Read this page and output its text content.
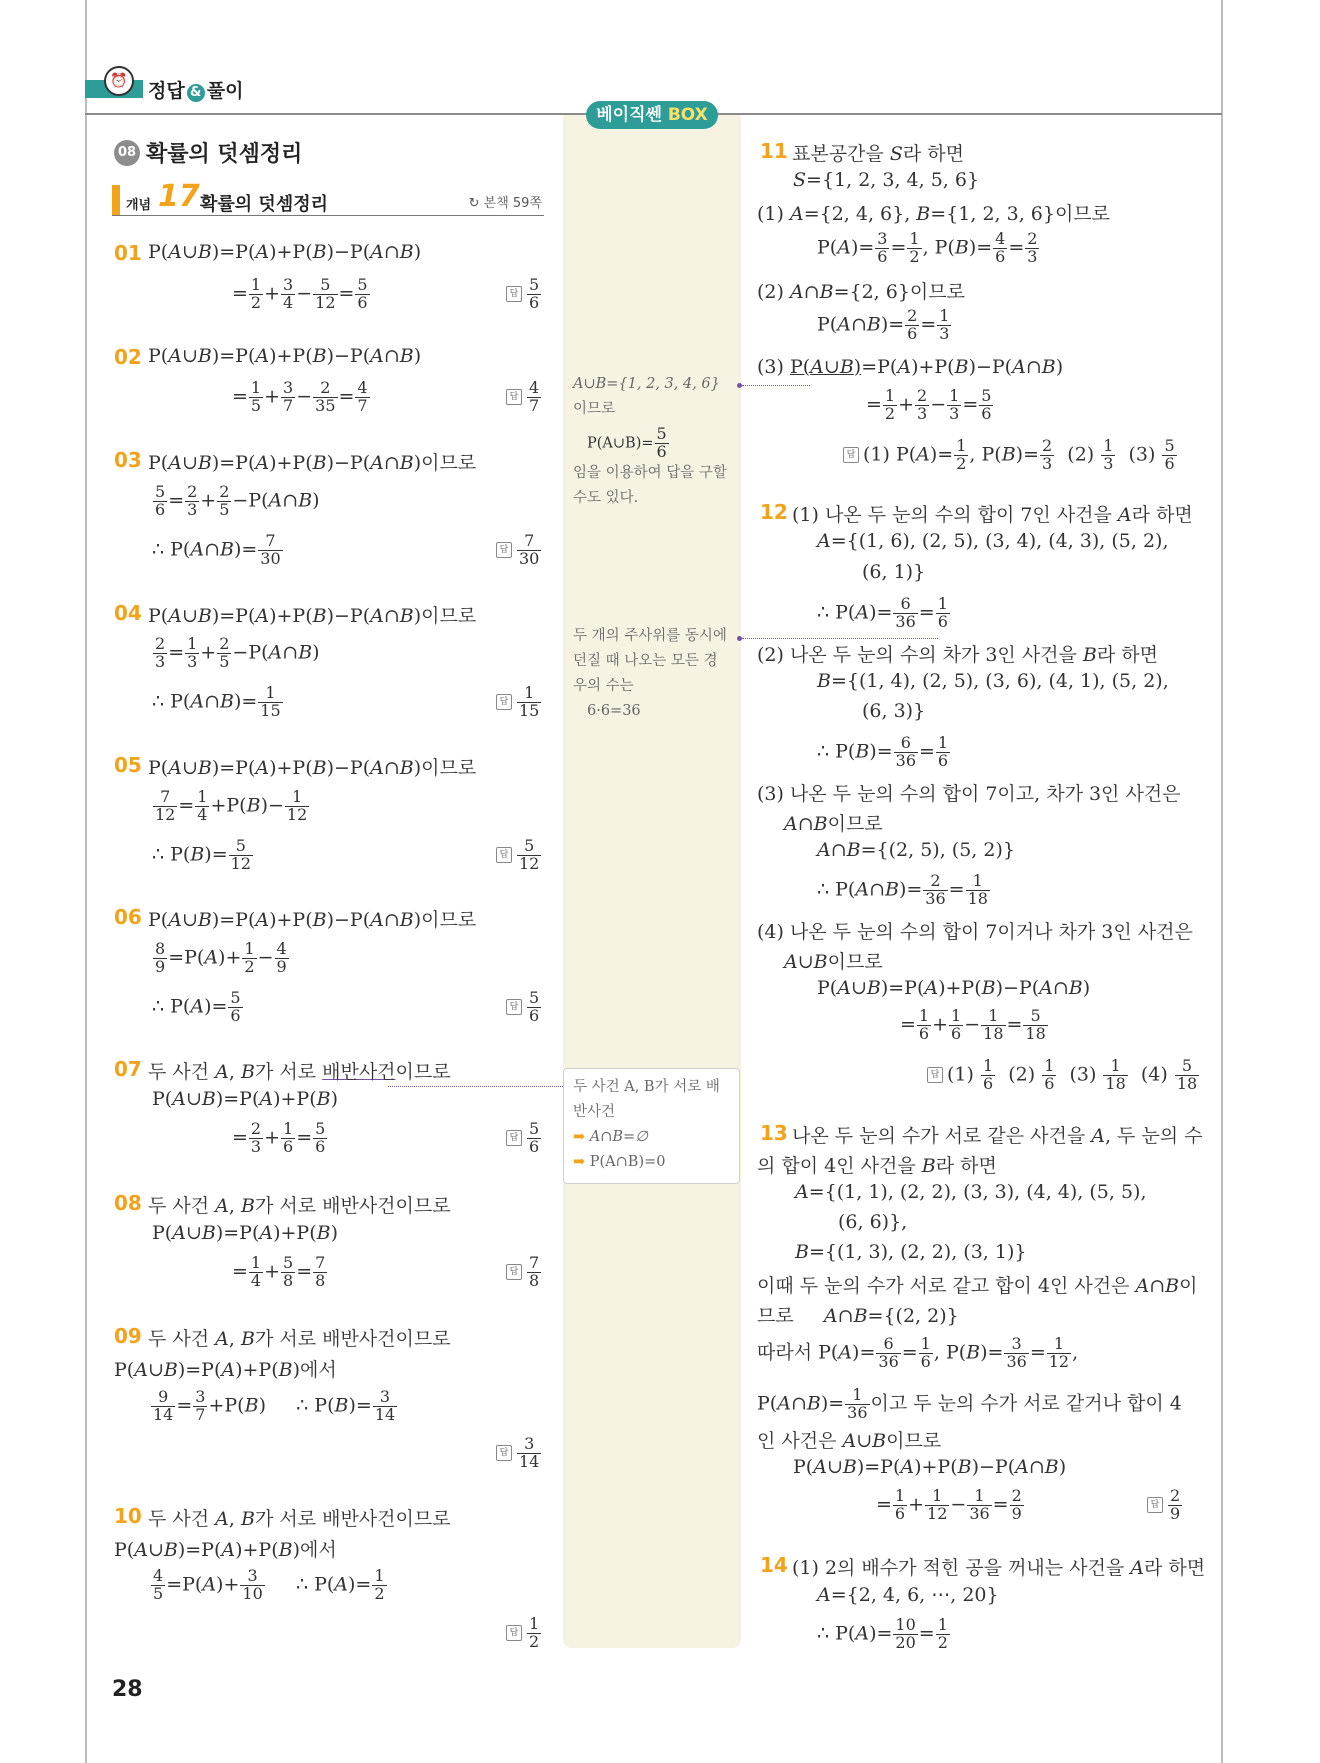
⏰	정답 & 풀이
베이직쎈 BOX
08 확률의 덧셈정리
개념 17 확률의 덧셈정리	↻ 본책 59쪽
01 P(A∪B)=P(A)+P(B)−P(A∩B)
= $\frac{1}{2} + \frac{3}{4} - \frac{5}{12} = \frac{5}{6}$	답 $\frac{5}{6}$
02 P(A∪B)=P(A)+P(B)−P(A∩B)
= $\frac{1}{5} + \frac{3}{7} - \frac{2}{35} = \frac{4}{7}$	답 $\frac{4}{7}$
03 P(A∪B)=P(A)+P(B)−P(A∩B)이므로
$\frac{5}{6} = \frac{2}{3} + \frac{2}{5}$ −P(A∩B)
∴ P(A∩B)= $\frac{7}{30}$	답 $\frac{7}{30}$
04 P(A∪B)=P(A)+P(B)−P(A∩B)이므로
$\frac{2}{3} = \frac{1}{3} + \frac{2}{5}$ −P(A∩B)
∴ P(A∩B)= $\frac{1}{15}$	답 $\frac{1}{15}$
05 P(A∪B)=P(A)+P(B)−P(A∩B)이므로
$\frac{7}{12} = \frac{1}{4} +P(B)- \frac{1}{12}$
∴ $P(B)= \frac{5}{12}$	답 $\frac{5}{12}$
06 P(A∪B)=P(A)+P(B)−P(A∩B)이므로
$\frac{8}{9} =P(A)+ \frac{1}{2} - \frac{4}{9}$
∴ $P(A)= \frac{5}{6}$	답 $\frac{5}{6}$
07 두 사건 A, B가 서로 배반사건이므로
P(A∪B)=P(A)+P(B)
= $\frac{2}{3} + \frac{1}{6} = \frac{5}{6}$	답 $\frac{5}{6}$
08 두 사건 A, B가 서로 배반사건이므로
P(A∪B)=P(A)+P(B)
= $\frac{1}{4} + \frac{5}{8} = \frac{7}{8}$	답 $\frac{7}{8}$
09 두 사건 A, B가 서로 배반사건이므로
P(A∪B)=P(A)+P(B)에서
$\frac{9}{14} = \frac{3}{7} +P(B)$     ∴ $P(B)= \frac{3}{14}$
답 $\frac{3}{14}$
10 두 사건 A, B가 서로 배반사건이므로
P(A∪B)=P(A)+P(B)에서
$\frac{4}{5} =P(A)+ \frac{3}{10}$ ∴ $P(A)= \frac{1}{2}$
답 $\frac{1}{2}$
A∪B={1, 2, 3, 4, 6}
이므로
P(A∪B)= $\frac{5}{6}$
임을 이용하여 답을 구할
수도 있다.
두 개의 주사위를 동시에
던질 때 나오는 모든 경
우의 수는
6·6=36
두 사건 A, B가 서로 배
반사건
➡ A∩B=∅
➡ P(A∩B)=0
11 표본공간을 S라 하면
S={1, 2, 3, 4, 5, 6}
(1) A={2, 4, 6}, B={1, 2, 3, 6}이므로
$P(A)= \frac{3}{6} = \frac{1}{2}$ , $P(B)= \frac{4}{6} = \frac{2}{3}$
(2) A∩B={2, 6}이므로
P(A∩B)= $\frac{2}{6} = \frac{1}{3}$
(3) P(A∪B)=P(A)+P(B)−P(A∩B)
= $\frac{1}{2} + \frac{2}{3} - \frac{1}{3} = \frac{5}{6}$
답 (1) $P(A)= \frac{1}{2}$ , $P(B)= \frac{2}{3} (2) \frac{1}{3} (3) \frac{5}{6}$
12 (1) 나온 두 눈의 수의 합이 7인 사건을 A라 하면
A={(1, 6), (2, 5), (3, 4), (4, 3), (5, 2),
(6, 1)}
∴ $P(A)= \frac{6}{36} = \frac{1}{6}$
(2) 나온 두 눈의 수의 차가 3인 사건을 B라 하면
B={(1, 4), (2, 5), (3, 6), (4, 1), (5, 2),
(6, 3)}
∴ $P(B)= \frac{6}{36} = \frac{1}{6}$
(3) 나온 두 눈의 수의 합이 7이고, 차가 3인 사건은
A∩B이므로
A∩B={(2, 5), (5, 2)}
∴ P(A∩B)= $\frac{2}{36} = \frac{1}{18}$
(4) 나온 두 눈의 수의 합이 7이거나 차가 3인 사건은
A∪B이므로
P(A∪B)=P(A)+P(B)−P(A∩B)
= $\frac{1}{6} + \frac{1}{6} - \frac{1}{18} = \frac{5}{18}$
답 $(1) \frac{1}{6} (2) \frac{1}{6} (3) \frac{1}{18} (4) \frac{5}{18}$
13 나온 두 눈의 수가 서로 같은 사건을 A, 두 눈의 수
의 합이 4인 사건을 B라 하면
A={(1, 1), (2, 2), (3, 3), (4, 4), (5, 5),
(6, 6)},
B={(1, 3), (2, 2), (3, 1)}
이때 두 눈의 수가 서로 같고 합이 4인 사건은 A∩B이
므로     A∩B={(2, 2)}
따라서 $P(A)= \frac{6}{36} = \frac{1}{6}$ , $P(B)= \frac{3}{36} = \frac{1}{12}$ ,
P(A∩B)= $\frac{1}{36}$ 이고 두 눈의 수가 서로 같거나 합이 4
인 사건은 A∪B이므로
P(A∪B)=P(A)+P(B)−P(A∩B)
= $\frac{1}{6} + \frac{1}{12} - \frac{1}{36} = \frac{2}{9}$	답 $\frac{2}{9}$
14 (1) 2의 배수가 적힌 공을 꺼내는 사건을 A라 하면
A={2, 4, 6, ⋯, 20}
∴ $P(A)= \frac{10}{20} = \frac{1}{2}$
28
